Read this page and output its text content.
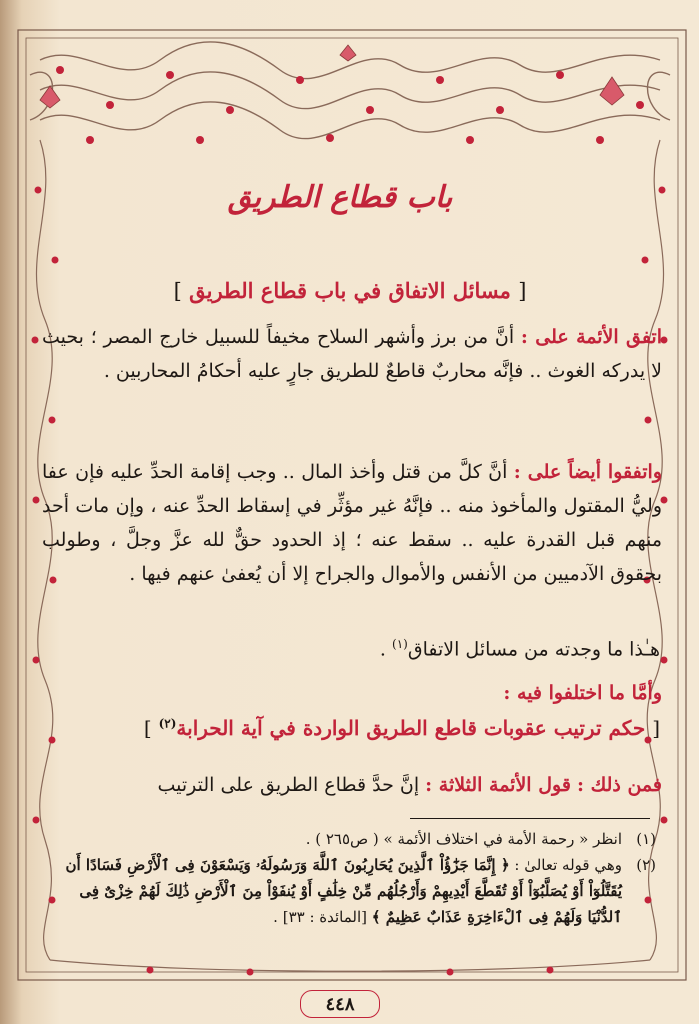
باب قطاع الطريق
[ مسائل الاتفاق في باب قطاع الطريق ]
اتفق الأئمة على : أنَّ من برز وأشهر السلاح مخيفاً للسبيل خارج المصر ؛ بحيث لا يدركه الغوث .. فإنَّه محاربٌ قاطعٌ للطريق جارٍ عليه أحكامُ المحاربين .
واتفقوا أيضاً على : أنَّ كلَّ من قتل وأخذ المال .. وجب إقامة الحدِّ عليه فإن عفا وليُّ المقتول والمأخوذ منه .. فإنَّهُ غير مؤثِّر في إسقاط الحدِّ عنه ، وإن مات أحد منهم قبل القدرة عليه .. سقط عنه ؛ إذ الحدود حقٌّ لله عزَّ وجلَّ ، وطولب بحقوق الآدميين من الأنفس والأموال والجراح إلا أن يُعفىٰ عنهم فيها .
هـٰذا ما وجدته من مسائل الاتفاق$^{(١)}$ .
وأمَّا ما اختلفوا فيه :
[ حكم ترتيب عقوبات قاطع الطريق الواردة في آية الحرابة$^{(٢)}$ ]
فمن ذلك : قول الأئمة الثلاثة : إنَّ حدَّ قطاع الطريق على الترتيب
(١)
انظر « رحمة الأمة في اختلاف الأئمة » ( ص٢٦٥ ) .
(٢)
وهي قوله تعالىٰ : ﴿ إِنَّمَا جَزَٰٓؤُاْ ٱلَّذِينَ يُحَارِبُونَ ٱللَّهَ وَرَسُولَهُۥ وَيَسْعَوْنَ فِى ٱلْأَرْضِ فَسَادًا أَن يُقَتَّلُوٓاْ أَوْ يُصَلَّبُوٓاْ أَوْ تُقَطَّعَ أَيْدِيهِمْ وَأَرْجُلُهُم مِّنْ خِلَٰفٍ أَوْ يُنفَوْاْ مِنَ ٱلْأَرْضِ ذَٰلِكَ لَهُمْ خِزْىٌ فِى ٱلدُّنْيَا وَلَهُمْ فِى ٱلْءَاخِرَةِ عَذَابٌ عَظِيمٌ ﴾ [المائدة : ٣٣] .
٤٤٨
